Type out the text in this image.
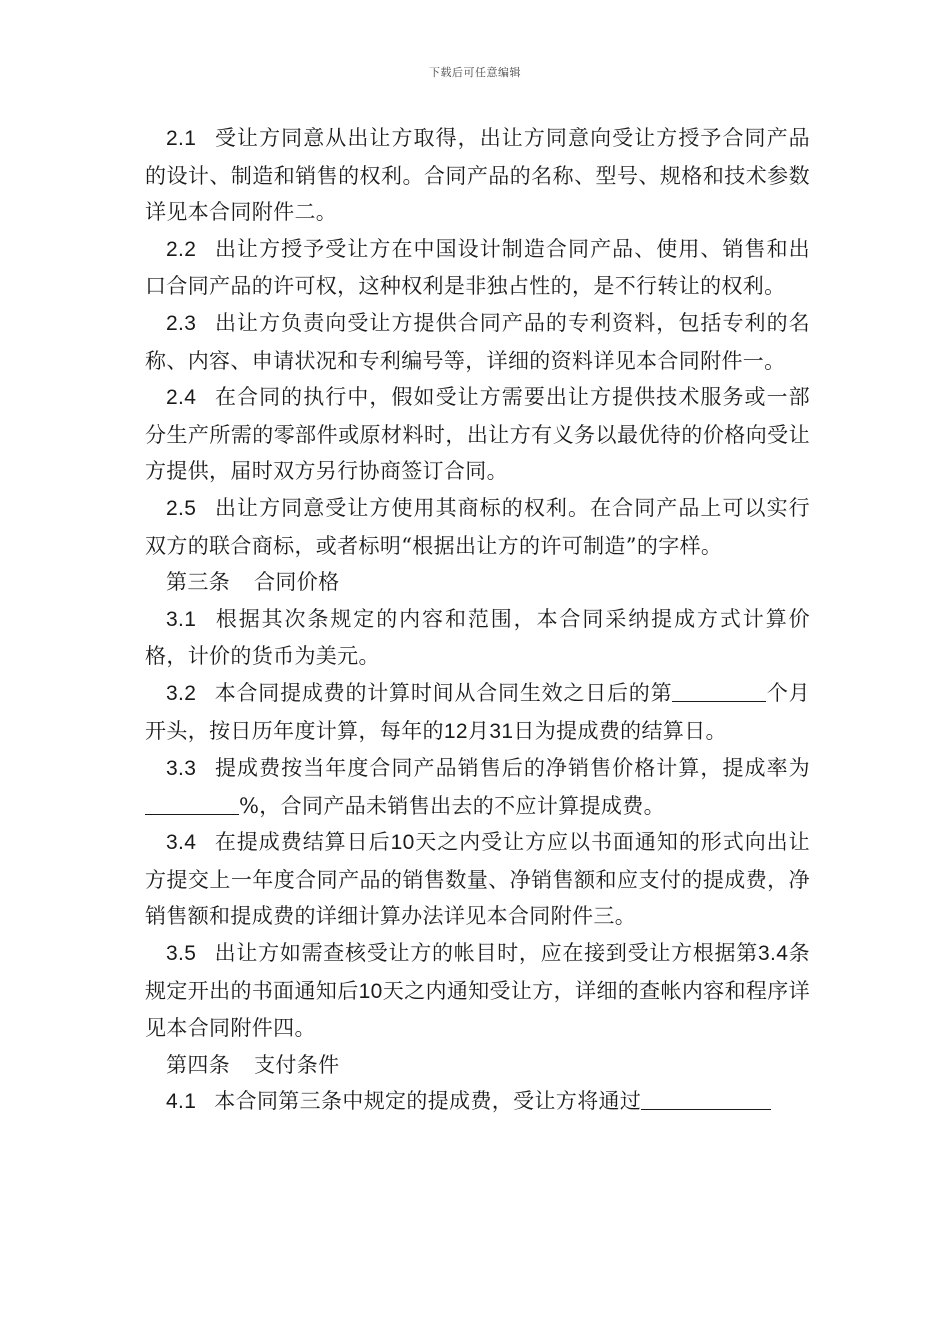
下载后可任意编辑

2.1 受让方同意从出让方取得，出让方同意向受让方授予合同产品的设计、制造和销售的权利。合同产品的名称、型号、规格和技术参数详见本合同附件二。

2.2 出让方授予受让方在中国设计制造合同产品、使用、销售和出口合同产品的许可权，这种权利是非独占性的，是不行转让的权利。

2.3 出让方负责向受让方提供合同产品的专利资料，包括专利的名称、内容、申请状况和专利编号等，详细的资料详见本合同附件一。

2.4 在合同的执行中，假如受让方需要出让方提供技术服务或一部分生产所需的零部件或原材料时，出让方有义务以最优待的价格向受让方提供，届时双方另行协商签订合同。

2.5 出让方同意受让方使用其商标的权利。在合同产品上可以实行双方的联合商标，或者标明“根据出让方的许可制造”的字样。

第三条 合同价格

3.1 根据其次条规定的内容和范围，本合同采纳提成方式计算价格，计价的货币为美元。

3.2 本合同提成费的计算时间从合同生效之日后的第	个月开头，按日历年度计算，每年的12月31日为提成费的结算日。

3.3 提成费按当年度合同产品销售后的净销售价格计算，提成率为%，合同产品未销售出去的不应计算提成费。

3.4 在提成费结算日后10天之内受让方应以书面通知的形式向出让方提交上一年度合同产品的销售数量、净销售额和应支付的提成费，净销售额和提成费的详细计算办法详见本合同附件三。

3.5 出让方如需查核受让方的帐目时，应在接到受让方根据第3.4条规定开出的书面通知后10天之内通知受让方，详细的查帐内容和程序详见本合同附件四。

第四条 支付条件

4.1 本合同第三条中规定的提成费，受让方将通过
